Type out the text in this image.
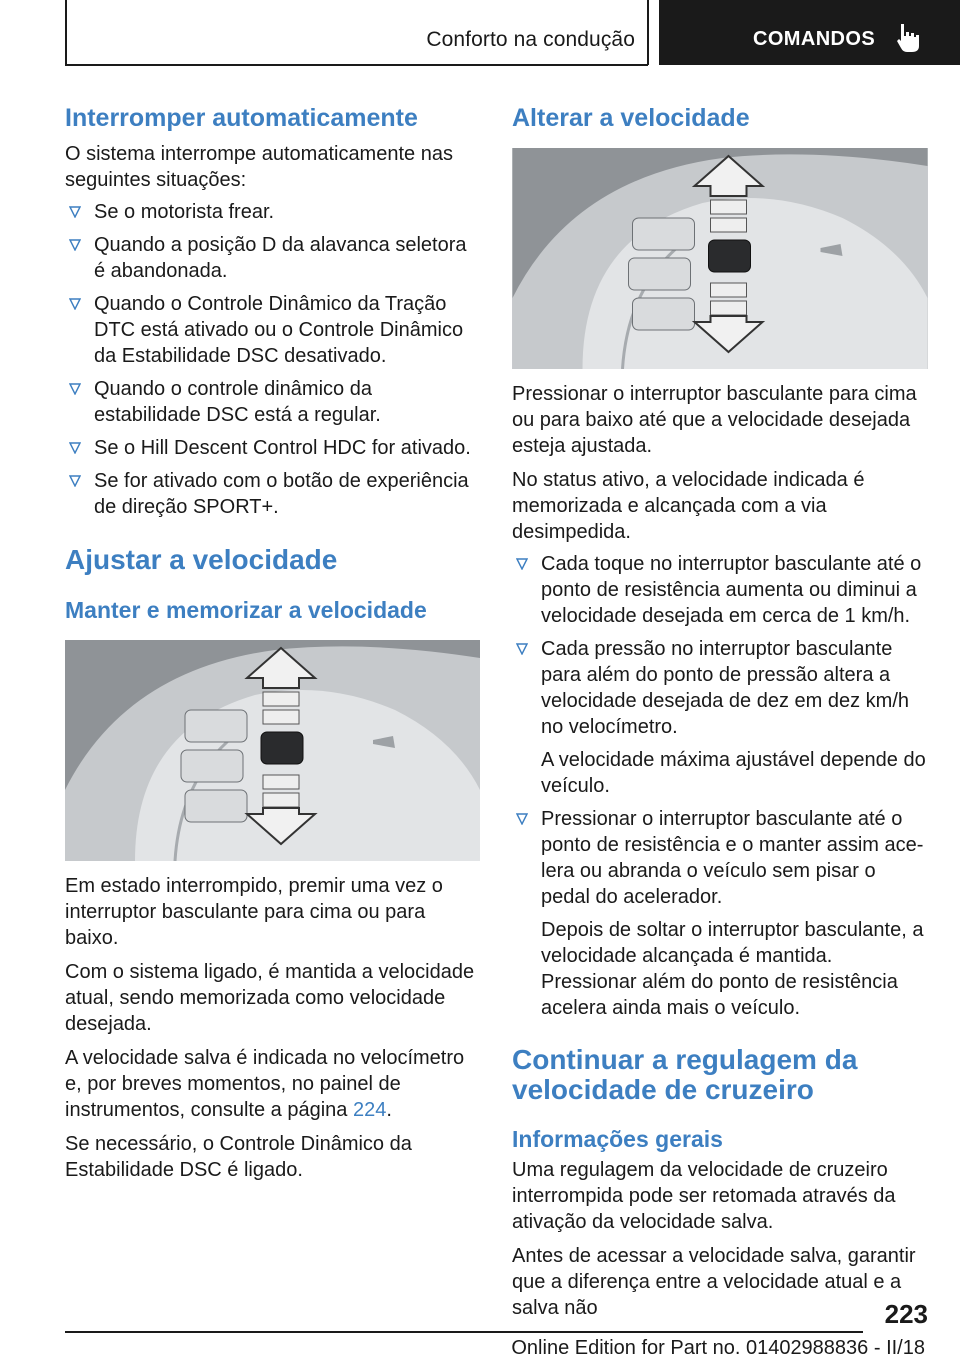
Conforto na condução	COMANDOS
Interromper automaticamente

O sistema interrompe automaticamente nas seguintes situações:

Se o motorista frear.
Quando a posição D da alavanca seletora é abandonada.
Quando o Controle Dinâmico da Tração DTC está ativado ou o Controle Dinâmico da Estabilidade DSC desativado.
Quando o controle dinâmico da estabilidade DSC está a regular.
Se o Hill Descent Control HDC for ativado.
Se for ativado com o botão de experiência de direção SPORT+.
Ajustar a velocidade
Manter e memorizar a velocidade

Em estado interrompido, premir uma vez o interruptor basculante para cima ou para baixo.

Com o sistema ligado, é mantida a velocidade atual, sendo memorizada como velocidade desejada.

A velocidade salva é indicada no velocímetro e, por breves momentos, no painel de instrumentos, consulte a página 224.

Se necessário, o Controle Dinâmico da Estabilidade DSC é ligado.

Alterar a velocidade

Pressionar o interruptor basculante para cima ou para baixo até que a velocidade desejada esteja ajustada.

No status ativo, a velocidade indicada é memorizada e alcançada com a via desimpedida.

Cada toque no interruptor basculante até o ponto de resistência aumenta ou diminui a velocidade desejada em cerca de 1 km/h.
Cada pressão no interruptor basculante para além do ponto de pressão altera a velocidade desejada de dez em dez km/h no velocímetro.

A velocidade máxima ajustável depende do veículo.

Pressionar o interruptor basculante até o ponto de resistência e o manter assim acelera ou abranda o veículo sem pisar o pedal do acelerador.

Depois de soltar o interruptor basculante, a velocidade alcançada é mantida. Pressionar além do ponto de resistência acelera ainda mais o veículo.

Continuar a regulagem da velocidade de cruzeiro
Informações gerais

Uma regulagem da velocidade de cruzeiro interrompida pode ser retomada através da ativação da velocidade salva.

Antes de acessar a velocidade salva, garantir que a diferença entre a velocidade atual e a salva não	223
Online Edition for Part no. 01402988836 - II/18
